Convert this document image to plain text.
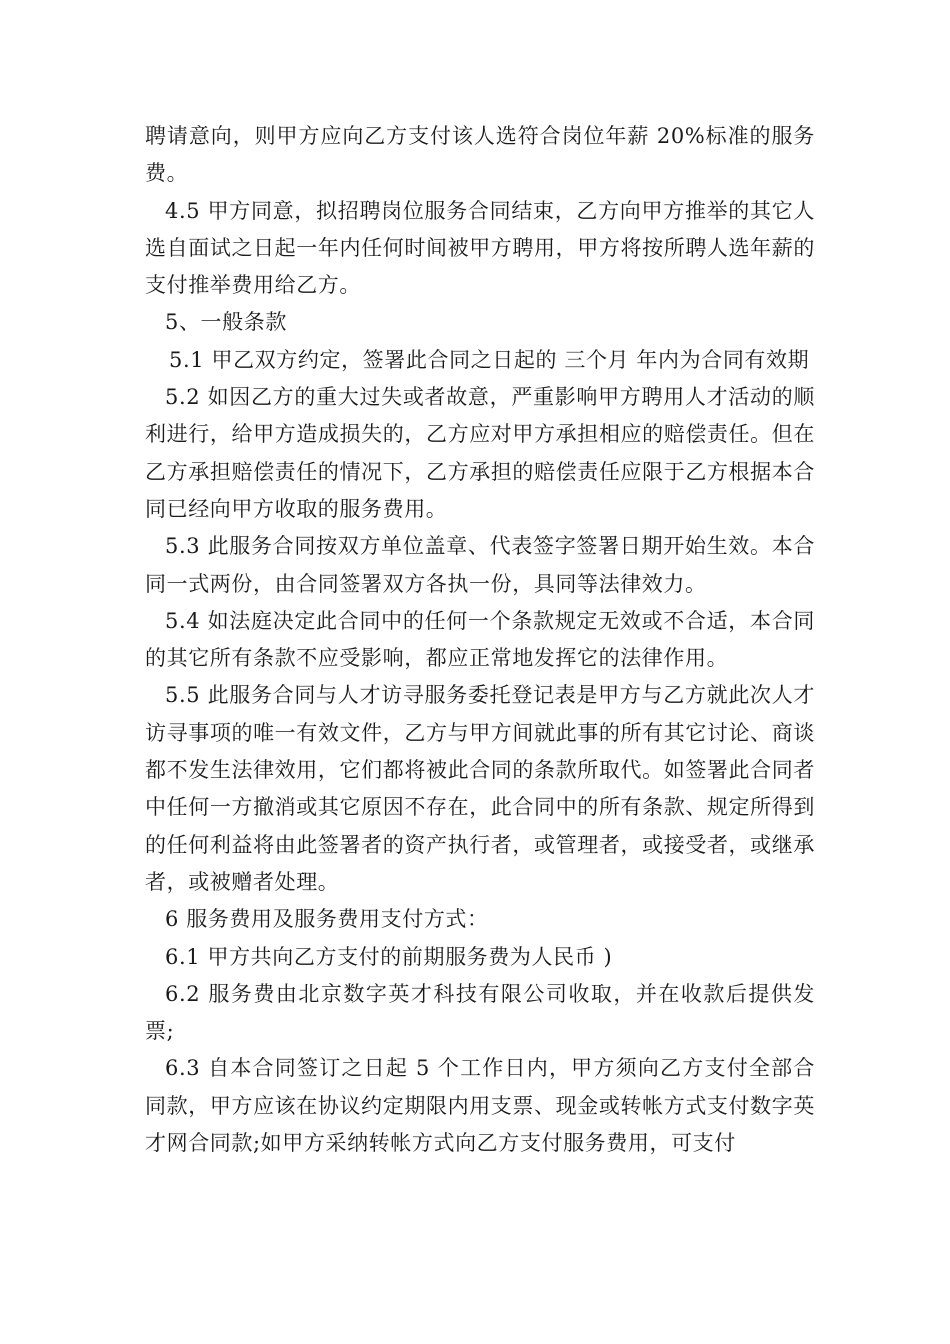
聘请意向，则甲方应向乙方支付该人选符合岗位年薪 20%标准的服务费。

4.5 甲方同意，拟招聘岗位服务合同结束，乙方向甲方推举的其它人选自面试之日起一年内任何时间被甲方聘用，甲方将按所聘人选年薪的 支付推举费用给乙方。

5、一般条款

5.1 甲乙双方约定，签署此合同之日起的 三个月 年内为合同有效期

5.2 如因乙方的重大过失或者故意，严重影响甲方聘用人才活动的顺利进行，给甲方造成损失的，乙方应对甲方承担相应的赔偿责任。但在乙方承担赔偿责任的情况下，乙方承担的赔偿责任应限于乙方根据本合同已经向甲方收取的服务费用。

5.3 此服务合同按双方单位盖章、代表签字签署日期开始生效。本合同一式两份，由合同签署双方各执一份，具同等法律效力。

5.4 如法庭决定此合同中的任何一个条款规定无效或不合适，本合同的其它所有条款不应受影响，都应正常地发挥它的法律作用。

5.5 此服务合同与人才访寻服务委托登记表是甲方与乙方就此次人才访寻事项的唯一有效文件，乙方与甲方间就此事的所有其它讨论、商谈都不发生法律效用，它们都将被此合同的条款所取代。如签署此合同者中任何一方撤消或其它原因不存在，此合同中的所有条款、规定所得到的任何利益将由此签署者的资产执行者，或管理者，或接受者，或继承者，或被赠者处理。

6 服务费用及服务费用支付方式：

6.1 甲方共向乙方支付的前期服务费为人民币 )

6.2 服务费由北京数字英才科技有限公司收取，并在收款后提供发票;

6.3 自本合同签订之日起 5 个工作日内，甲方须向乙方支付全部合同款，甲方应该在协议约定期限内用支票、现金或转帐方式支付数字英才网合同款;如甲方采纳转帐方式向乙方支付服务费用，可支付
